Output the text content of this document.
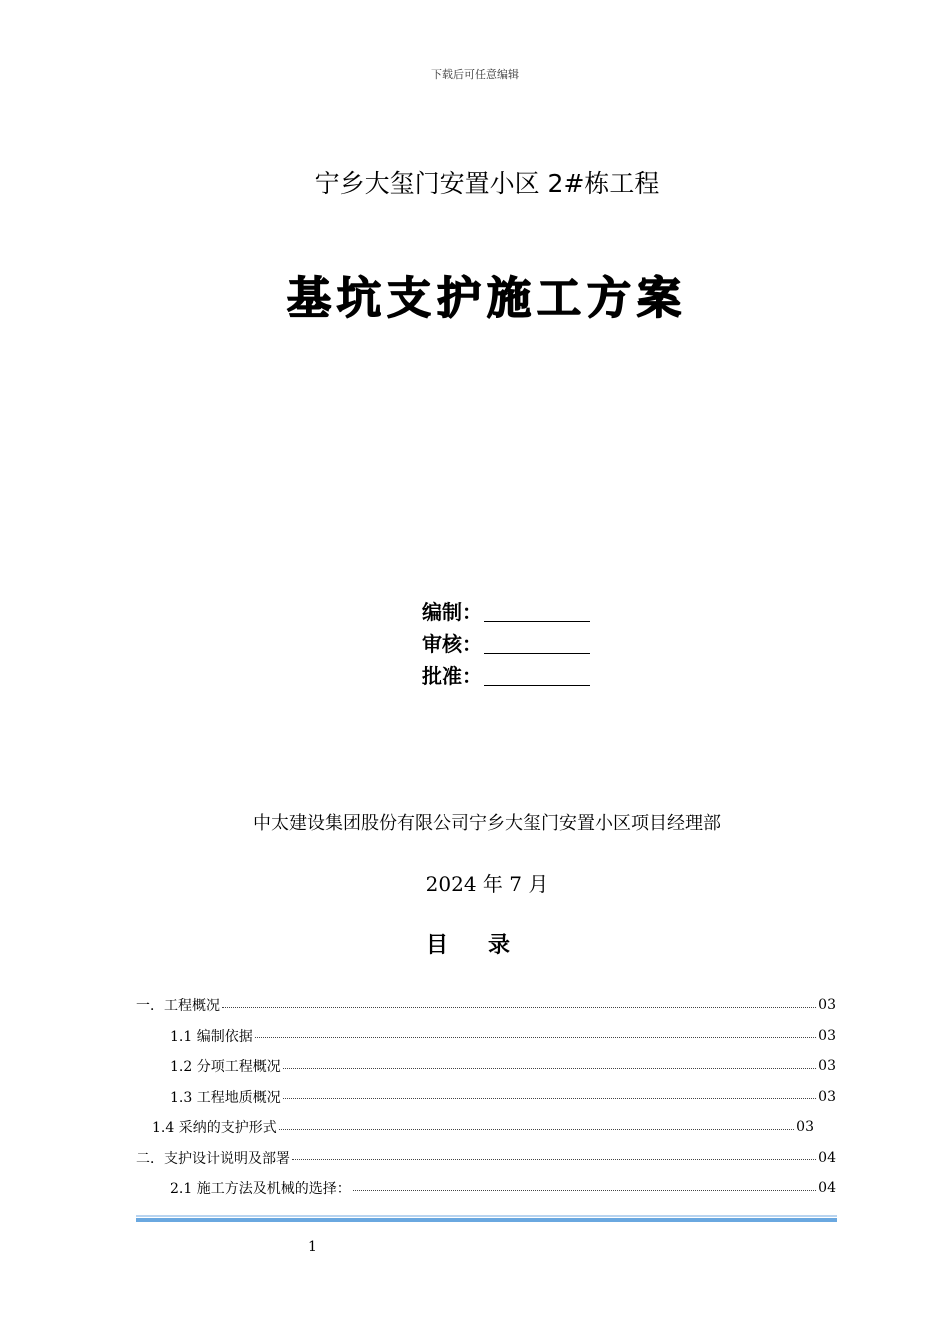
下载后可任意编辑
宁乡大玺门安置小区 2#栋工程
基坑支护施工方案
编制：
审核：
批准：
中太建设集团股份有限公司宁乡大玺门安置小区项目经理部
2024 年 7 月
目录
一．工程概况	03
1.1 编制依据	03
1.2 分项工程概况	03
1.3 工程地质概况	03
1.4 采纳的支护形式	03
二．支护设计说明及部署	04
2.1 施工方法及机械的选择：	04
1
